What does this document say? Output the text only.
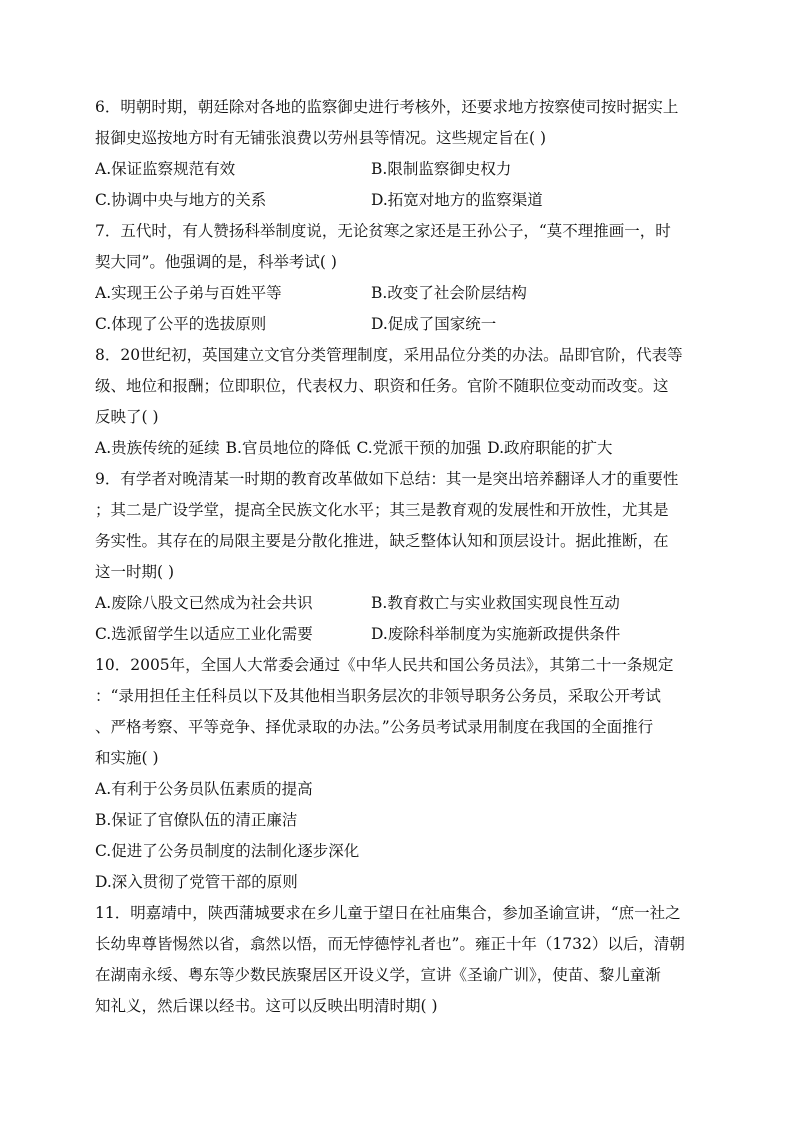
6．明朝时期，朝廷除对各地的监察御史进行考核外，还要求地方按察使司按时据实上
报御史巡按地方时有无铺张浪费以劳州县等情况。这些规定旨在( )
A.保证监察规范有效	B.限制监察御史权力
C.协调中央与地方的关系	D.拓宽对地方的监察渠道
7．五代时，有人赞扬科举制度说，无论贫寒之家还是王孙公子，“莫不理推画一，时
契大同”。他强调的是，科举考试( )
A.实现王公子弟与百姓平等	B.改变了社会阶层结构
C.体现了公平的选拔原则	D.促成了国家统一
8．20世纪初，英国建立文官分类管理制度，采用品位分类的办法。品即官阶，代表等
级、地位和报酬；位即职位，代表权力、职资和任务。官阶不随职位变动而改变。这
反映了( )
A.贵族传统的延续 B.官员地位的降低 C.党派干预的加强 D.政府职能的扩大
9．有学者对晚清某一时期的教育改革做如下总结：其一是突出培养翻译人才的重要性
；其二是广设学堂，提高全民族文化水平；其三是教育观的发展性和开放性，尤其是
务实性。其存在的局限主要是分散化推进，缺乏整体认知和顶层设计。据此推断，在
这一时期( )
A.废除八股文已然成为社会共识	B.教育救亡与实业救国实现良性互动
C.选派留学生以适应工业化需要	D.废除科举制度为实施新政提供条件
10．2005年，全国人大常委会通过《中华人民共和国公务员法》，其第二十一条规定
：“录用担任主任科员以下及其他相当职务层次的非领导职务公务员，采取公开考试
、严格考察、平等竞争、择优录取的办法。”公务员考试录用制度在我国的全面推行
和实施( )
A.有利于公务员队伍素质的提高
B.保证了官僚队伍的清正廉洁
C.促进了公务员制度的法制化逐步深化
D.深入贯彻了党管干部的原则
11．明嘉靖中，陕西蒲城要求在乡儿童于望日在社庙集合，参加圣谕宣讲，“庶一社之
长幼卑尊皆惕然以省，翕然以悟，而无悖德悖礼者也”。雍正十年（1732）以后，清朝
在湖南永绥、粤东等少数民族聚居区开设义学，宣讲《圣谕广训》，使苗、黎儿童渐
知礼义，然后课以经书。这可以反映出明清时期( )
